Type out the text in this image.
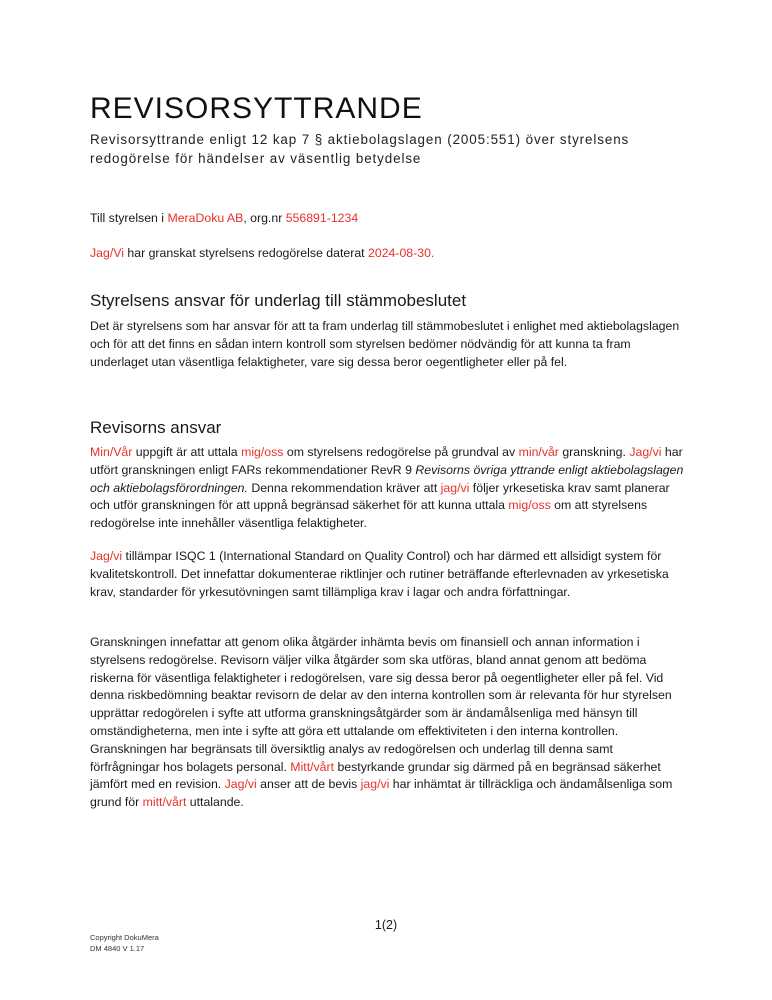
REVISORSYTTRANDE
Revisorsyttrande enligt 12 kap 7 § aktiebolagslagen (2005:551) över styrelsens
redogörelse för händelser av väsentlig betydelse

Till styrelsen i MeraDoku AB, org.nr 556891-1234

Jag/Vi har granskat styrelsens redogörelse daterat 2024-08-30.

Styrelsens ansvar för underlag till stämmobeslutet

Det är styrelsens som har ansvar för att ta fram underlag till stämmobeslutet i enlighet med aktiebolagslagen och för att det finns en sådan intern kontroll som styrelsen bedömer nödvändig för att kunna ta fram underlaget utan väsentliga felaktigheter, vare sig dessa beror oegentligheter eller på fel.

Revisorns ansvar

Min/Vår uppgift är att uttala mig/oss om styrelsens redogörelse på grundval av min/vår granskning. Jag/vi har utfört granskningen enligt FARs rekommendationer RevR 9 Revisorns övriga yttrande enligt aktiebolagslagen och aktiebolagsförordningen. Denna rekommendation kräver att jag/vi följer yrkesetiska krav samt planerar och utför granskningen för att uppnå begränsad säkerhet för att kunna uttala mig/oss om att styrelsens redogörelse inte innehåller väsentliga felaktigheter.

Jag/vi tillämpar ISQC 1 (International Standard on Quality Control) och har därmed ett allsidigt system för kvalitetskontroll. Det innefattar dokumenteraе riktlinjer och rutiner beträffande efterlevnaden av yrkesetiska krav, standarder för yrkesutövningen samt tillämpliga krav i lagar och andra författningar.

Granskningen innefattar att genom olika åtgärder inhämta bevis om finansiell och annan information i styrelsens redogörelse. Revisorn väljer vilka åtgärder som ska utföras, bland annat genom att bedöma riskerna för väsentliga felaktigheter i redogörelsen, vare sig dessa beror på oegentligheter eller på fel. Vid denna riskbedömning beaktar revisorn de delar av den interna kontrollen som är relevanta för hur styrelsen upprättar redogörelen i syfte att utforma granskningsåtgärder som är ändamålsenliga med hänsyn till omständigheterna, men inte i syfte att göra ett uttalande om effektiviteten i den interna kontrollen. Granskningen har begränsats till översiktlig analys av redogörelsen och underlag till denna samt förfrågningar hos bolagets personal. Mitt/vårt bestyrkande grundar sig därmed på en begränsad säkerhet jämfört med en revision. Jag/vi anser att de bevis jag/vi har inhämtat är tillräckliga och ändamålsenliga som grund för mitt/vårt uttalande.

1(2)
Copyright DokuMera
DM 4840 V 1.17
